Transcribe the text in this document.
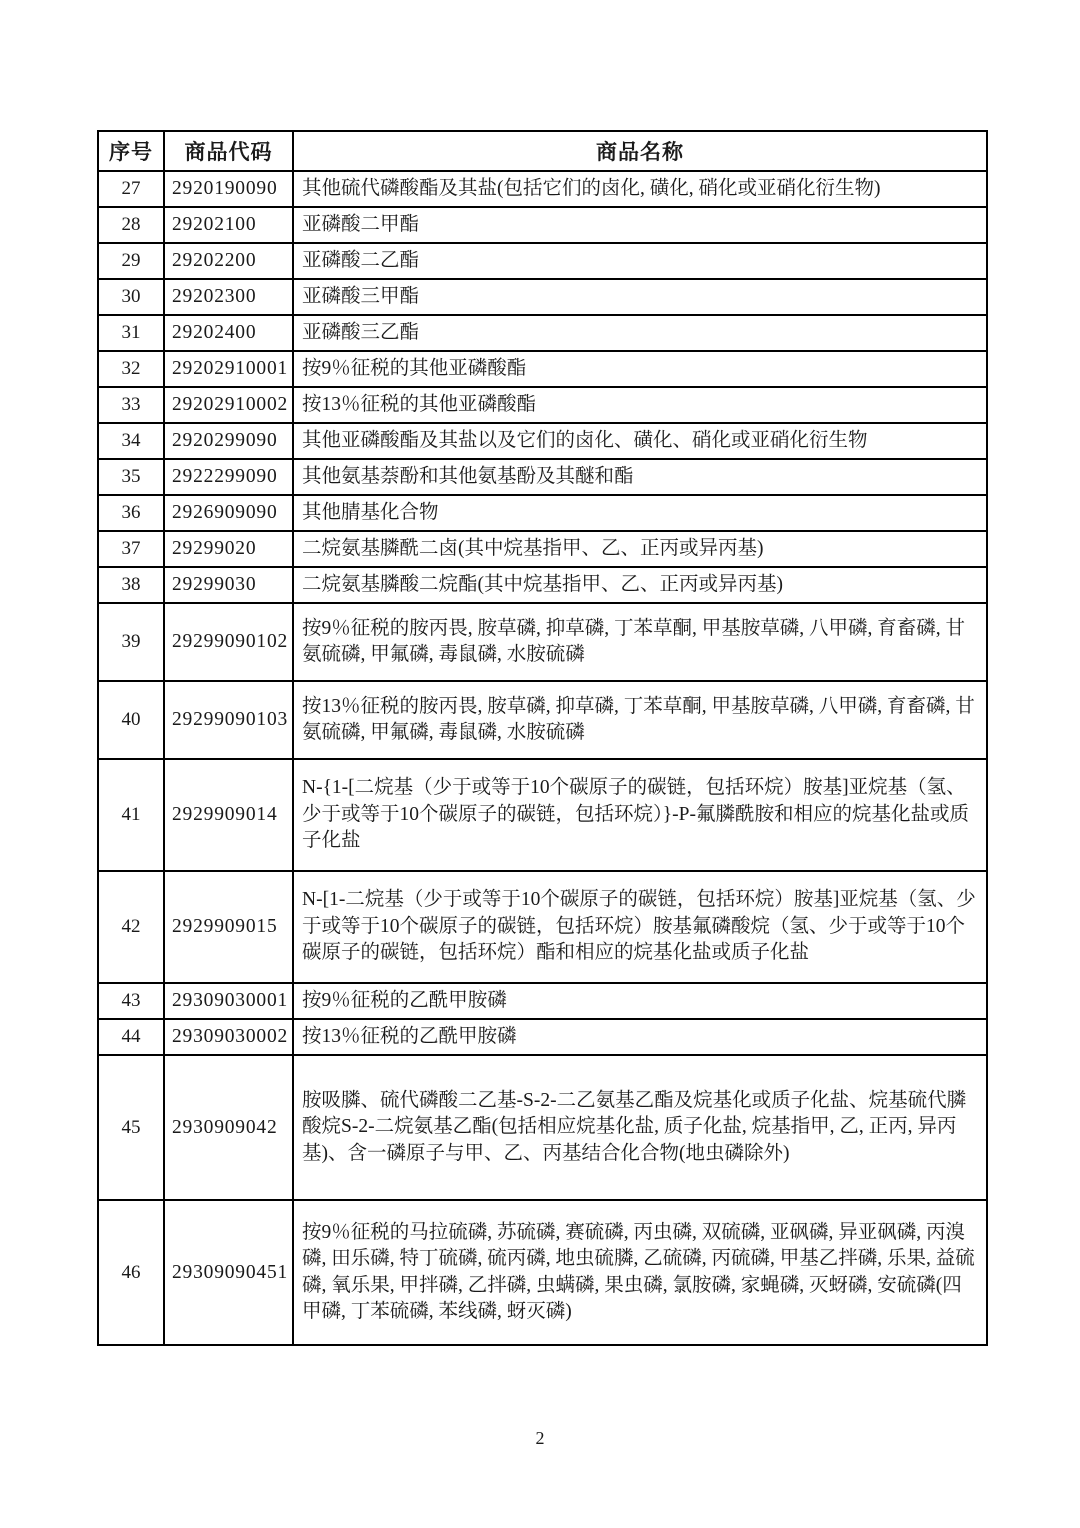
序号	商品代码	商品名称
27	2920190090	其他硫代磷酸酯及其盐(包括它们的卤化, 磺化, 硝化或亚硝化衍生物)
28	29202100	亚磷酸二甲酯
29	29202200	亚磷酸二乙酯
30	29202300	亚磷酸三甲酯
31	29202400	亚磷酸三乙酯
32	29202910001	按9％征税的其他亚磷酸酯
33	29202910002	按13％征税的其他亚磷酸酯
34	2920299090	其他亚磷酸酯及其盐以及它们的卤化、磺化、硝化或亚硝化衍生物
35	2922299090	其他氨基萘酚和其他氨基酚及其醚和酯
36	2926909090	其他腈基化合物
37	29299020	二烷氨基膦酰二卤(其中烷基指甲、乙、正丙或异丙基)
38	29299030	二烷氨基膦酸二烷酯(其中烷基指甲、乙、正丙或异丙基)
39	29299090102	按9％征税的胺丙畏, 胺草磷, 抑草磷, 丁苯草酮, 甲基胺草磷, 八甲磷, 育畜磷, 甘氨硫磷, 甲氟磷, 毒鼠磷, 水胺硫磷
40	29299090103	按13％征税的胺丙畏, 胺草磷, 抑草磷, 丁苯草酮, 甲基胺草磷, 八甲磷, 育畜磷, 甘氨硫磷, 甲氟磷, 毒鼠磷, 水胺硫磷
41	2929909014	N-{1-[二烷基（少于或等于10个碳原子的碳链，包括环烷）胺基]亚烷基（氢、少于或等于10个碳原子的碳链，包括环烷）}-P-氟膦酰胺和相应的烷基化盐或质子化盐
42	2929909015	N-[1-二烷基（少于或等于10个碳原子的碳链，包括环烷）胺基]亚烷基（氢、少于或等于10个碳原子的碳链，包括环烷）胺基氟磷酸烷（氢、少于或等于10个碳原子的碳链，包括环烷）酯和相应的烷基化盐或质子化盐
43	29309030001	按9％征税的乙酰甲胺磷
44	29309030002	按13％征税的乙酰甲胺磷
45	2930909042	胺吸膦、硫代磷酸二乙基-S-2-二乙氨基乙酯及烷基化或质子化盐、烷基硫代膦酸烷S-2-二烷氨基乙酯(包括相应烷基化盐, 质子化盐, 烷基指甲, 乙, 正丙, 异丙基)、含一磷原子与甲、乙、丙基结合化合物(地虫磷除外)
46	29309090451	按9％征税的马拉硫磷, 苏硫磷, 赛硫磷, 丙虫磷, 双硫磷, 亚砜磷, 异亚砜磷, 丙溴磷, 田乐磷, 特丁硫磷, 硫丙磷, 地虫硫膦, 乙硫磷, 丙硫磷, 甲基乙拌磷, 乐果, 益硫磷, 氧乐果, 甲拌磷, 乙拌磷, 虫螨磷, 果虫磷, 氯胺磷, 家蝇磷, 灭蚜磷, 安硫磷(四甲磷, 丁苯硫磷, 苯线磷, 蚜灭磷)
2
